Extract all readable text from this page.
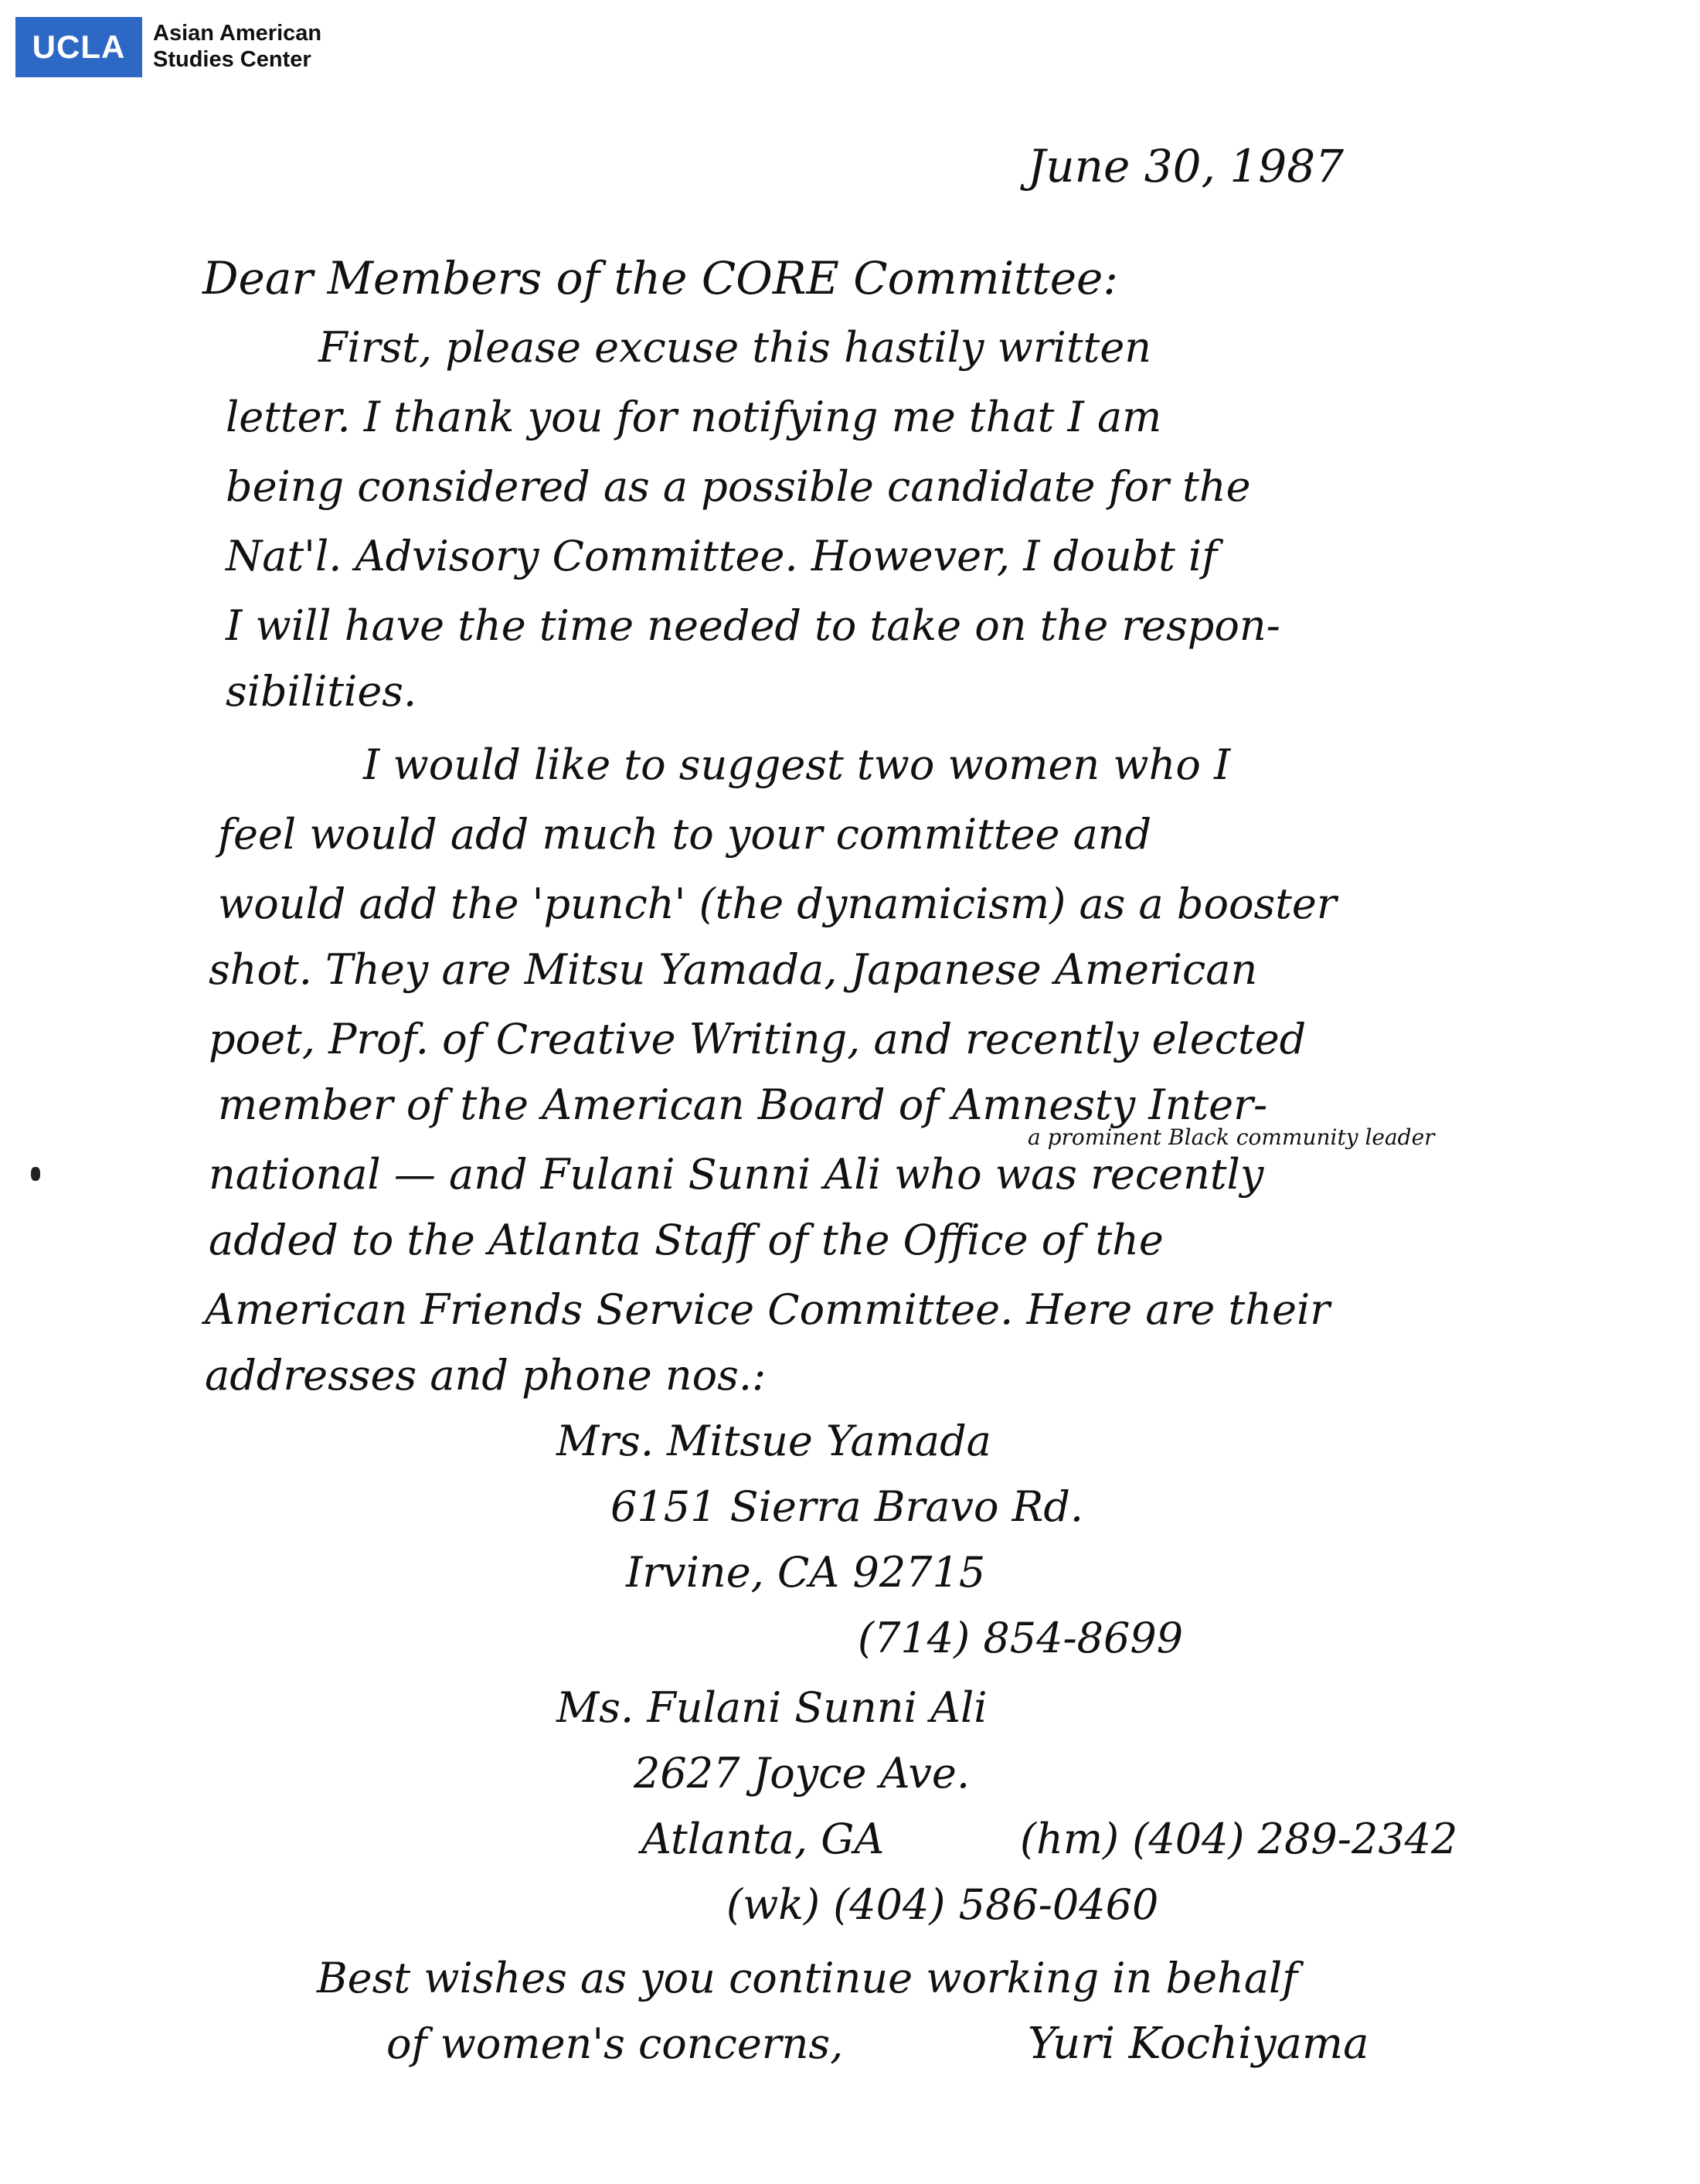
UCLA Asian American
Studies Center
June 30, 1987
Dear Members of the CORE Committee:
First, please excuse this hastily written
letter. I thank you for notifying me that I am
being considered as a possible candidate for the
Nat'l. Advisory Committee. However, I doubt if
I will have the time needed to take on the respon-
sibilities.
I would like to suggest two women who I
feel would add much to your committee and
would add the 'punch' (the dynamicism) as a booster
shot. They are Mitsu Yamada, Japanese American
poet, Prof. of Creative Writing, and recently elected
member of the American Board of Amnesty Inter-
a prominent Black community leader
national — and Fulani Sunni Ali who was recently
added to the Atlanta Staff of the Office of the
American Friends Service Committee. Here are their
addresses and phone nos.:
Mrs. Mitsue Yamada
6151 Sierra Bravo Rd.
Irvine, CA 92715
(714) 854-8699
Ms. Fulani Sunni Ali
2627 Joyce Ave.
Atlanta, GA	(hm) (404) 289-2342
(wk) (404) 586-0460
Best wishes as you continue working in behalf
of women's concerns,	Yuri Kochiyama
